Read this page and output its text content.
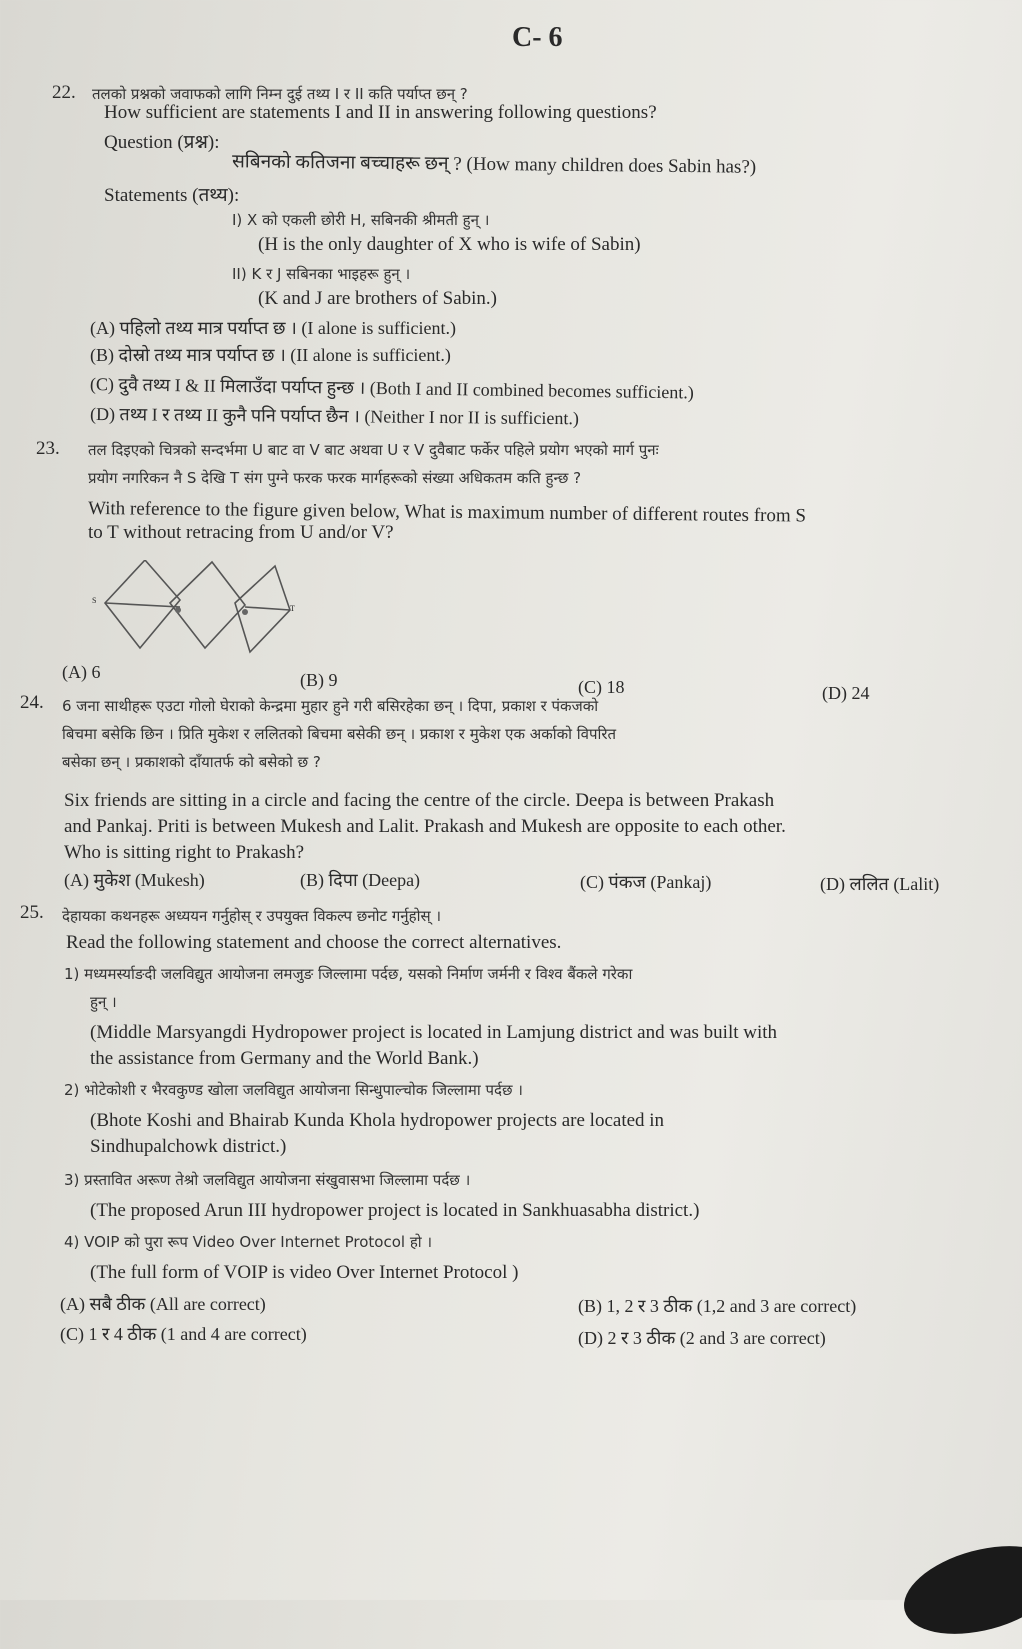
C- 6
22. तलको प्रश्नको जवाफको लागि निम्न दुई तथ्य I र II कति पर्याप्त छन् ?
How sufficient are statements I and II in answering following questions?
Question (प्रश्न):
सबिनको कतिजना बच्चाहरू छन् ? (How many children does Sabin has?)
Statements (तथ्य):
I) X को एकली छोरी H, सबिनकी श्रीमती हुन् ।
(H is the only daughter of X who is wife of Sabin)
II) K र J सबिनका भाइहरू हुन् ।
(K and J are brothers of Sabin.)
(A) पहिलो तथ्य मात्र पर्याप्त छ । (I alone is sufficient.)
(B) दोस्रो तथ्य मात्र पर्याप्त छ । (II alone is sufficient.)
(C) दुवै तथ्य I & II मिलाउँदा पर्याप्त हुन्छ । (Both I and II combined becomes sufficient.)
(D) तथ्य I र तथ्य II कुनै पनि पर्याप्त छैन । (Neither I nor II is sufficient.)
23. तल दिइएको चित्रको सन्दर्भमा U बाट वा V बाट अथवा U र V दुवैबाट फर्केर पहिले प्रयोग भएको मार्ग पुनः
प्रयोग नगरिकन नै S देखि T संग पुग्ने फरक फरक मार्गहरूको संख्या अधिकतम कति हुन्छ ?
With reference to the figure given below, What is maximum number of different routes from S
to T without retracing from U and/or V?
S
T
(A) 6	(B) 9	(C) 18	(D) 24
24. 6 जना साथीहरू एउटा गोलो घेराको केन्द्रमा मुहार हुने गरी बसिरहेका छन् । दिपा, प्रकाश र पंकजको
बिचमा बसेकि छिन । प्रिति मुकेश र ललितको बिचमा बसेकी छन् । प्रकाश र मुकेश एक अर्काको विपरित
बसेका छन् । प्रकाशको दाँयातर्फ को बसेको छ ?
Six friends are sitting in a circle and facing the centre of the circle. Deepa is between Prakash
and Pankaj. Priti is between Mukesh and Lalit. Prakash and Mukesh are opposite to each other.
Who is sitting right to Prakash?
(A) मुकेश (Mukesh)	(B) दिपा (Deepa)	(C) पंकज (Pankaj)	(D) ललित (Lalit)
25. देहायका कथनहरू अध्ययन गर्नुहोस् र उपयुक्त विकल्प छनोट गर्नुहोस् ।
Read the following statement and choose the correct alternatives.
1) मध्यमर्स्याङदी जलविद्युत आयोजना लमजुङ जिल्लामा पर्दछ, यसको निर्माण जर्मनी र विश्व बैंकले गरेका
हुन् ।
(Middle Marsyangdi Hydropower project is located in Lamjung district and was built with
the assistance from Germany and the World Bank.)
2) भोटेकोशी र भैरवकुण्ड खोला जलविद्युत आयोजना सिन्धुपाल्चोक जिल्लामा पर्दछ ।
(Bhote Koshi and Bhairab Kunda Khola hydropower projects are located in
Sindhupalchowk district.)
3) प्रस्तावित अरूण तेश्रो जलविद्युत आयोजना संखुवासभा जिल्लामा पर्दछ ।
(The proposed Arun III hydropower project is located in Sankhuasabha district.)
4) VOIP को पुरा रूप Video Over Internet Protocol हो ।
(The full form of VOIP is video Over Internet Protocol )
(A) सबै ठीक (All are correct)	(B) 1, 2 र 3 ठीक (1,2 and 3 are correct)
(C) 1 र 4 ठीक (1 and 4 are correct)	(D) 2 र 3 ठीक (2 and 3 are correct)
